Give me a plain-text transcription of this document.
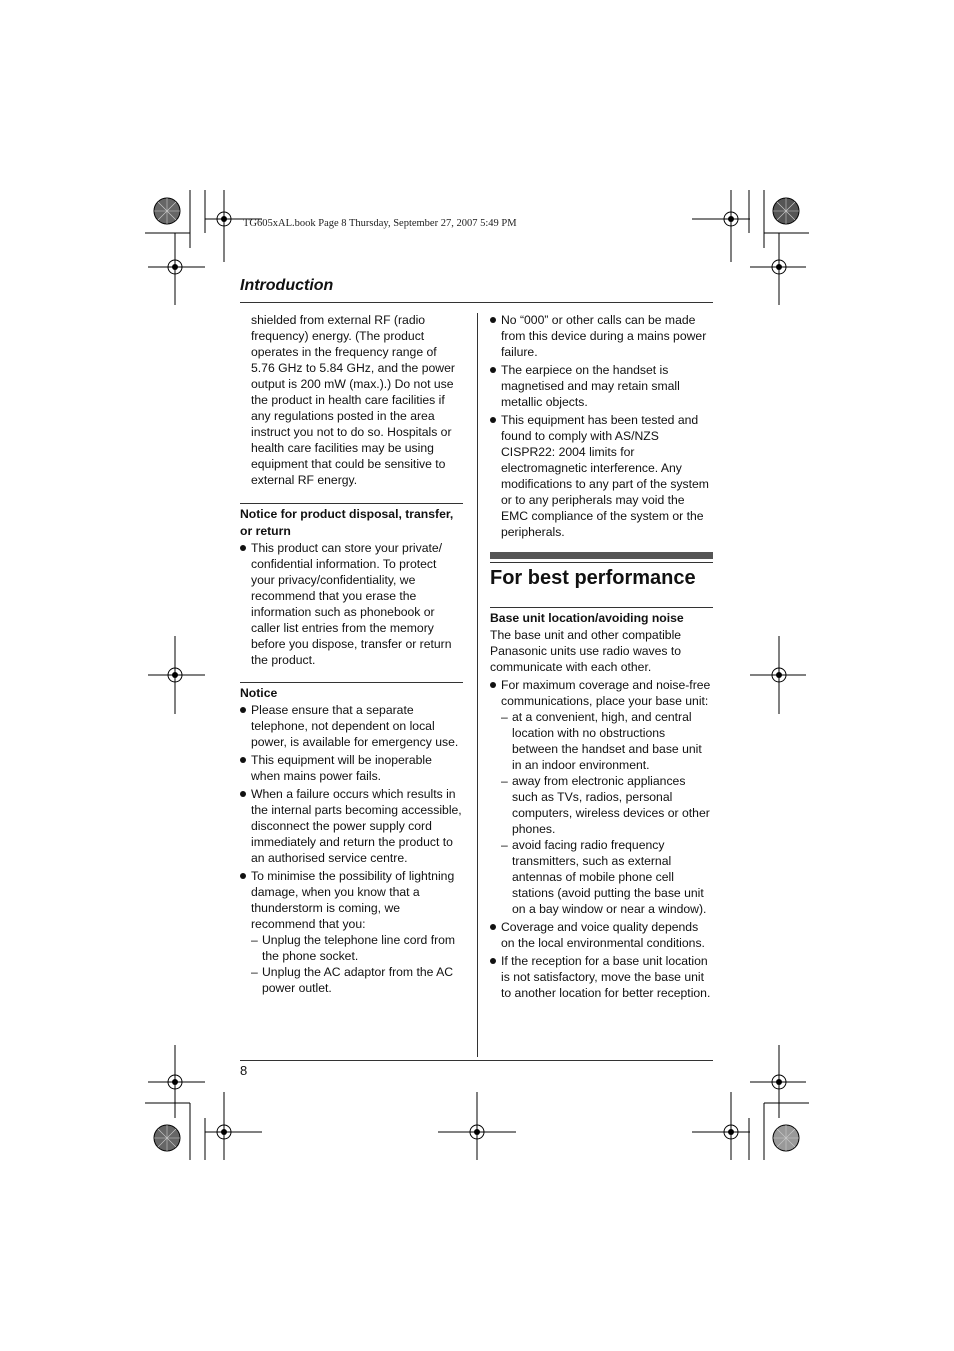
TG605xAL.book Page 8 Thursday, September 27, 2007 5:49 PM
Introduction

shielded from external RF (radio frequency) energy. (The product operates in the frequency range of 5.76 GHz to 5.84 GHz, and the power output is 200 mW (max.).) Do not use the product in health care facilities if any regulations posted in the area instruct you not to do so. Hospitals or health care facilities may be using equipment that could be sensitive to external RF energy.

Notice for product disposal, transfer, or return
This product can store your private/ confidential information. To protect your privacy/confidentiality, we recommend that you erase the information such as phonebook or caller list entries from the memory before you dispose, transfer or return the product.
Notice
Please ensure that a separate telephone, not dependent on local power, is available for emergency use.
This equipment will be inoperable when mains power fails.
When a failure occurs which results in the internal parts becoming accessible, disconnect the power supply cord immediately and return the product to an authorised service centre.
To minimise the possibility of lightning damage, when you know that a thunderstorm is coming, we recommend that you:
– Unplug the telephone line cord from the phone socket.
– Unplug the AC adaptor from the AC power outlet.
No “000” or other calls can be made from this device during a mains power failure.
The earpiece on the handset is magnetised and may retain small metallic objects.
This equipment has been tested and found to comply with AS/NZS CISPR22: 2004 limits for electromagnetic interference. Any modifications to any part of the system or to any peripherals may void the EMC compliance of the system or the peripherals.
For best performance
Base unit location/avoiding noise

The base unit and other compatible Panasonic units use radio waves to communicate with each other.

For maximum coverage and noise-free communications, place your base unit:
– at a convenient, high, and central location with no obstructions between the handset and base unit in an indoor environment.
– away from electronic appliances such as TVs, radios, personal computers, wireless devices or other phones.
– avoid facing radio frequency transmitters, such as external antennas of mobile phone cell stations (avoid putting the base unit on a bay window or near a window).
Coverage and voice quality depends on the local environmental conditions.
If the reception for a base unit location is not satisfactory, move the base unit to another location for better reception.
8
